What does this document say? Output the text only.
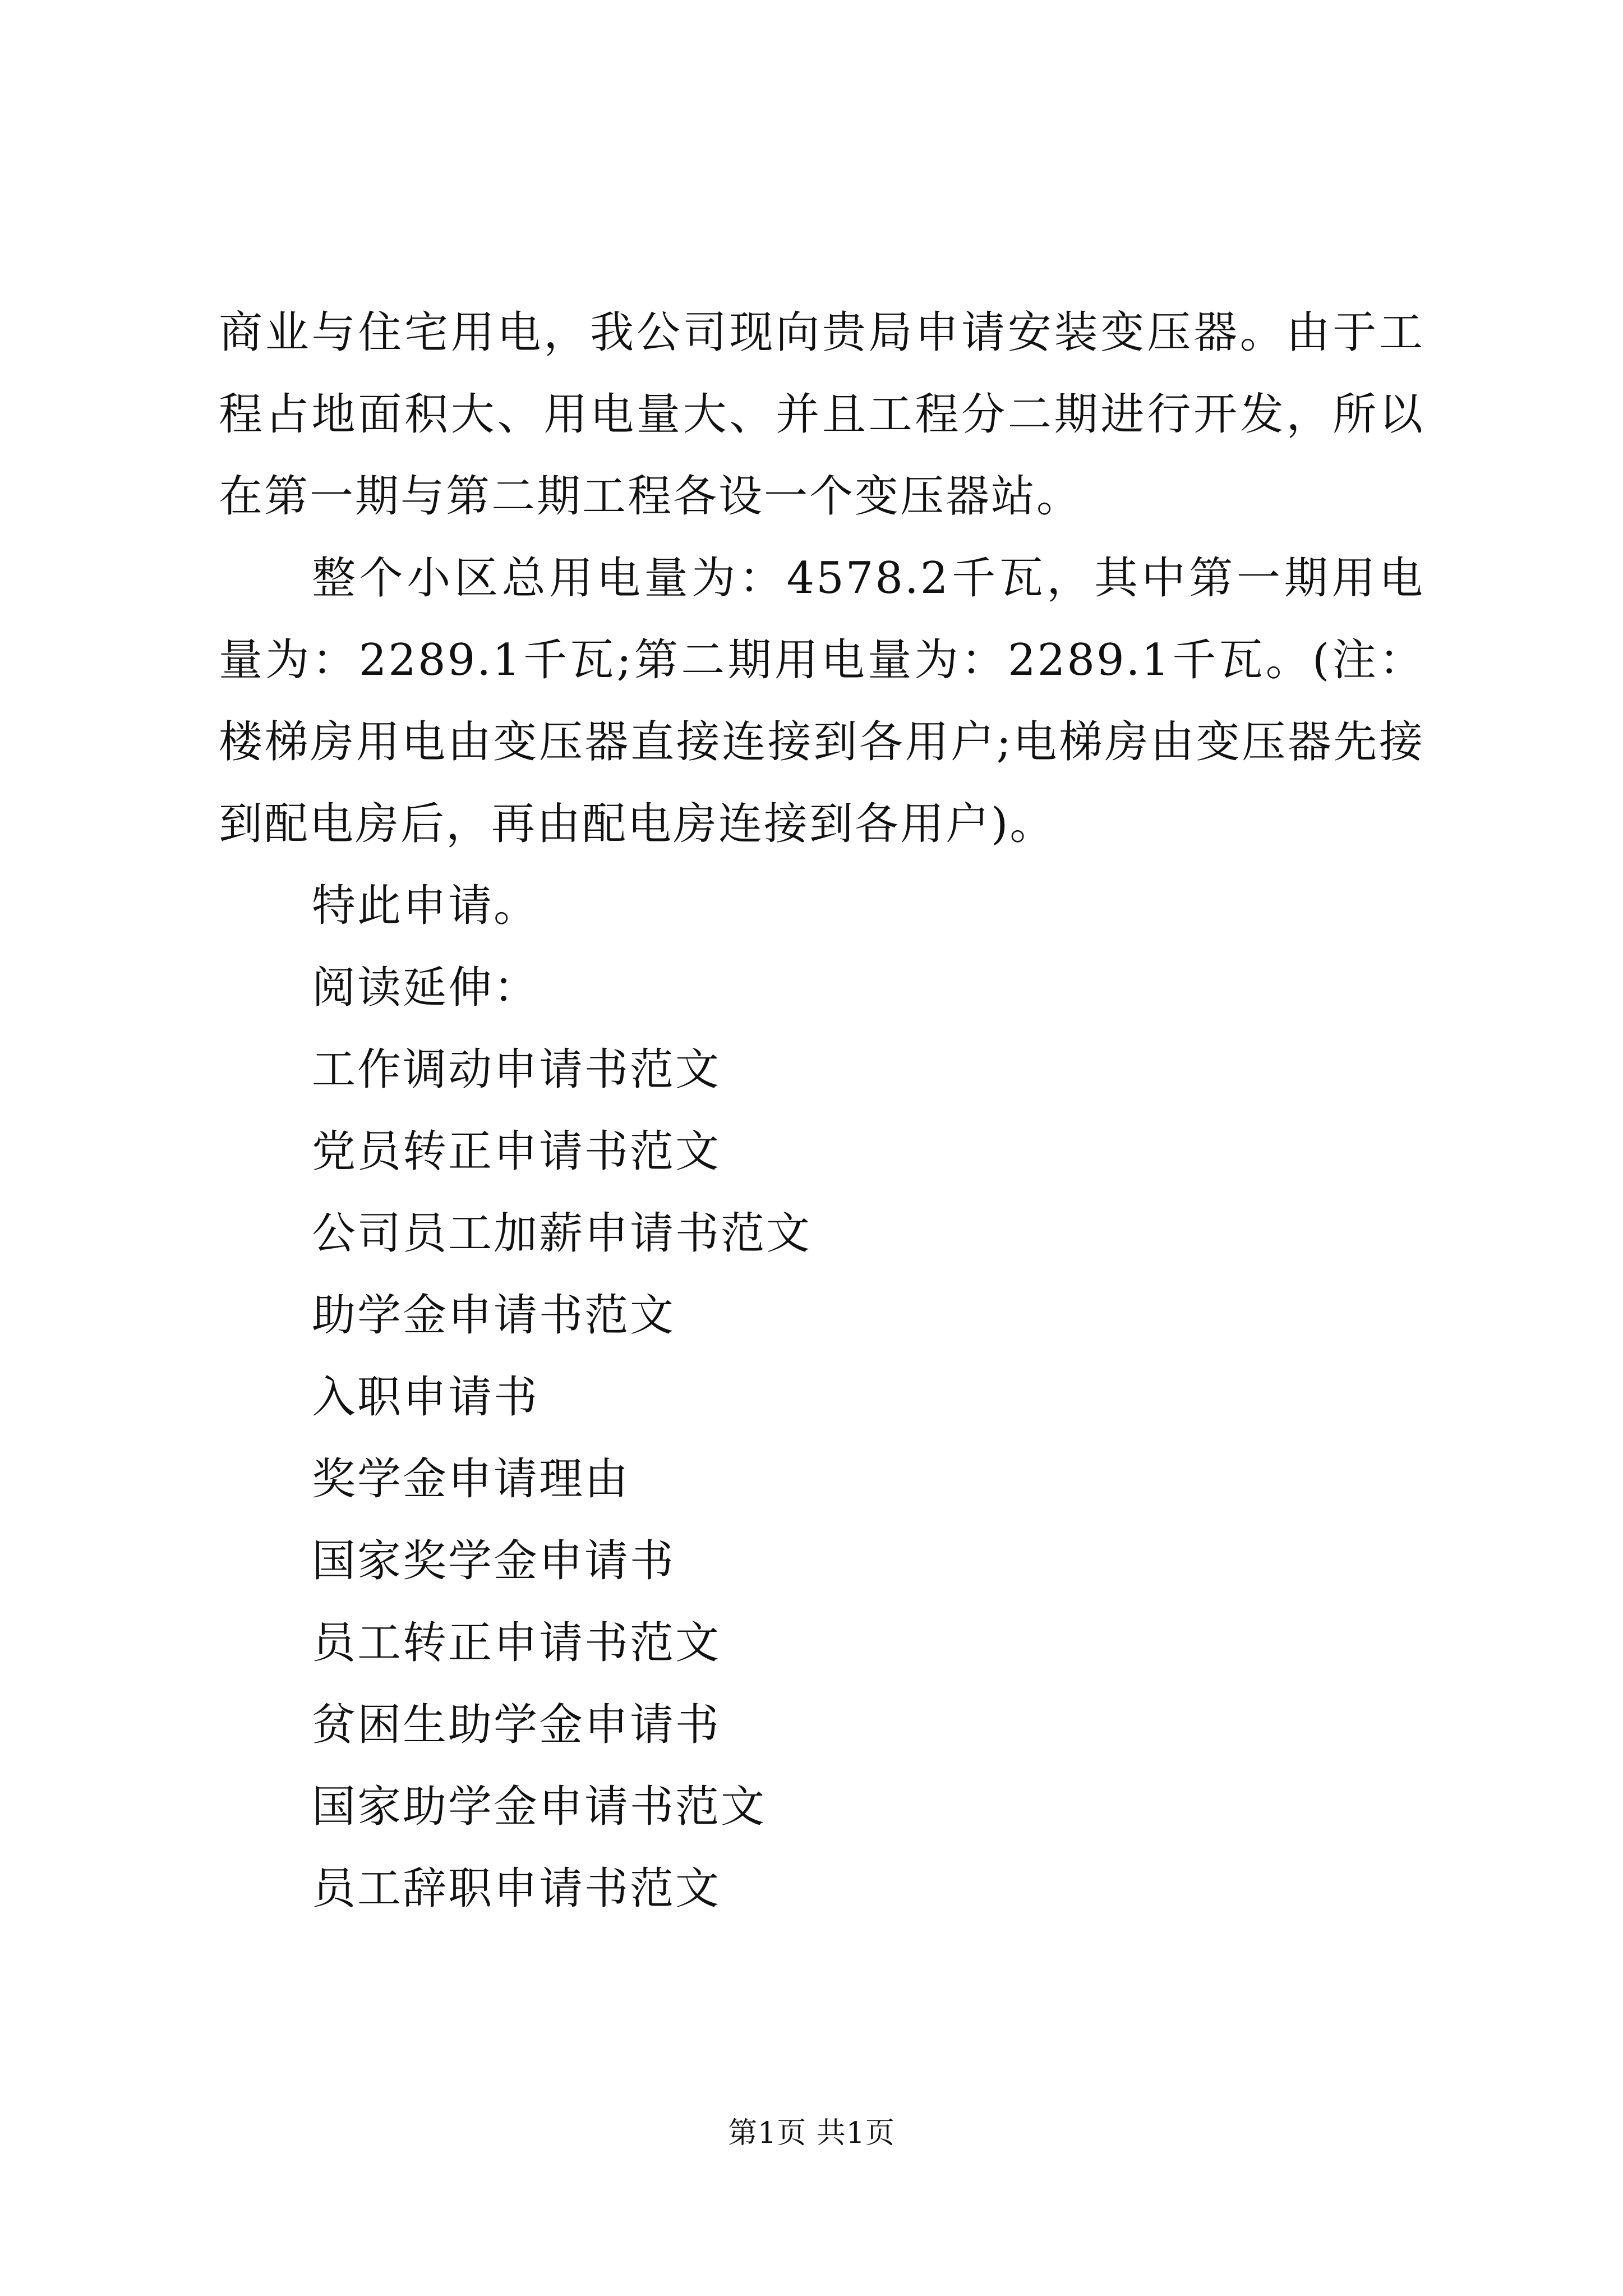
商业与住宅用电，我公司现向贵局申请安装变压器。由于工程占地面积大、用电量大、并且工程分二期进行开发，所以在第一期与第二期工程各设一个变压器站。

整个小区总用电量为：4578.2千瓦，其中第一期用电量为：2289.1千瓦;第二期用电量为：2289.1千瓦。(注：楼梯房用电由变压器直接连接到各用户;电梯房由变压器先接到配电房后，再由配电房连接到各用户)。

特此申请。

阅读延伸：

工作调动申请书范文
党员转正申请书范文
公司员工加薪申请书范文
助学金申请书范文
入职申请书
奖学金申请理由
国家奖学金申请书
员工转正申请书范文
贫困生助学金申请书
国家助学金申请书范文
员工辞职申请书范文
第1页 共1页
